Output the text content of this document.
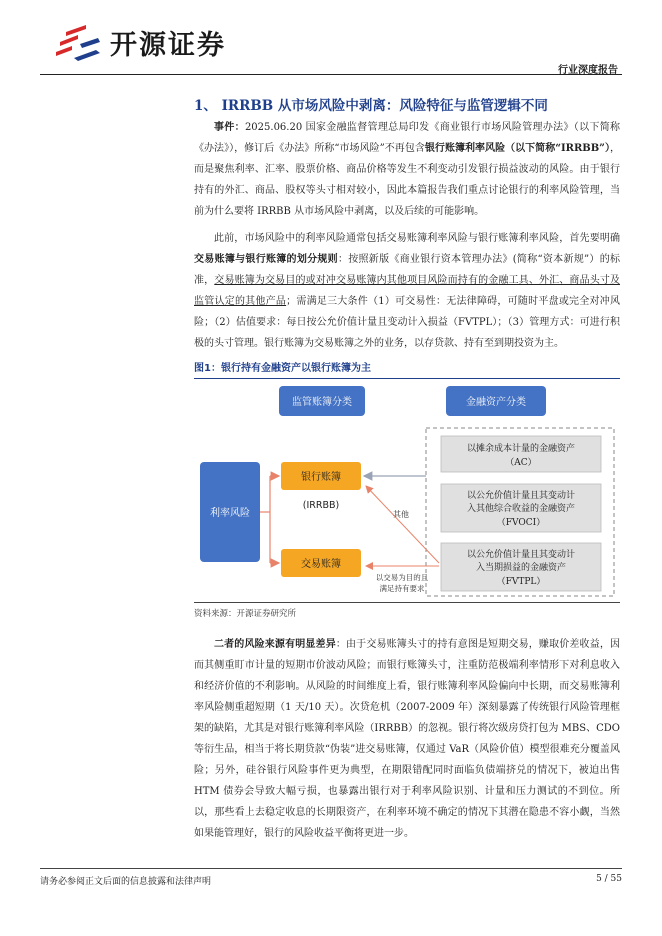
开源证券
行业深度报告
1、 IRRBB 从市场风险中剥离：风险特征与监管逻辑不同

事件：2025.06.20 国家金融监督管理总局印发《商业银行市场风险管理办法》（以下简称《办法》），修订后《办法》所称“市场风险”不再包含银行账簿利率风险（以下简称“IRRBB”），而是聚焦利率、汇率、股票价格、商品价格等发生不利变动引发银行损益波动的风险。由于银行持有的外汇、商品、股权等头寸相对较小，因此本篇报告我们重点讨论银行的利率风险管理，当前为什么要将 IRRBB 从市场风险中剥离，以及后续的可能影响。

此前，市场风险中的利率风险通常包括交易账簿利率风险与银行账簿利率风险，首先要明确交易账簿与银行账簿的划分规则：按照新版《商业银行资本管理办法》(简称“资本新规”）的标准，交易账簿为交易目的或对冲交易账簿内其他项目风险而持有的金融工具、外汇、商品头寸及监管认定的其他产品；需满足三大条件（1）可交易性：无法律障碍，可随时平盘或完全对冲风险；（2）估值要求：每日按公允价值计量且变动计入损益（FVTPL）；（3）管理方式：可进行积极的头寸管理。银行账簿为交易账簿之外的业务，以存贷款、持有至到期投资为主。

图1：银行持有金融资产以银行账簿为主
监管账簿分类	金融资产分类
利率风险
银行账簿
(IRRBB)
交易账簿
以摊余成本计量的金融资产
（AC）
以公允价值计量且其变动计
入其他综合收益的金融资产
（FVOCI）
以公允价值计量且其变动计
入当期损益的金融资产
（FVTPL）
其他
以交易为目的且
满足持有要求
资料来源：开源证券研究所

二者的风险来源有明显差异：由于交易账簿头寸的持有意图是短期交易，赚取价差收益，因而其侧重盯市计量的短期市价波动风险；而银行账簿头寸，注重防范极端利率情形下对利息收入和经济价值的不利影响。从风险的时间维度上看，银行账簿利率风险偏向中长期，而交易账簿利率风险侧重超短期（1 天/10 天）。次贷危机（2007-2009 年）深刻暴露了传统银行风险管理框架的缺陷，尤其是对银行账簿利率风险（IRRBB）的忽视。银行将次级房贷打包为 MBS、CDO 等衍生品，相当于将长期贷款“伪装”进交易账簿，仅通过 VaR（风险价值）模型很难充分覆盖风险；另外，硅谷银行风险事件更为典型，在期限错配同时面临负债端挤兑的情况下，被迫出售 HTM 债券会导致大幅亏损，也暴露出银行对于利率风险识别、计量和压力测试的不到位。所以，那些看上去稳定收息的长期限资产，在利率环境不确定的情况下其潜在隐患不容小觑，当然如果能管理好，银行的风险收益平衡将更进一步。

请务必参阅正文后面的信息披露和法律声明	5 / 55
